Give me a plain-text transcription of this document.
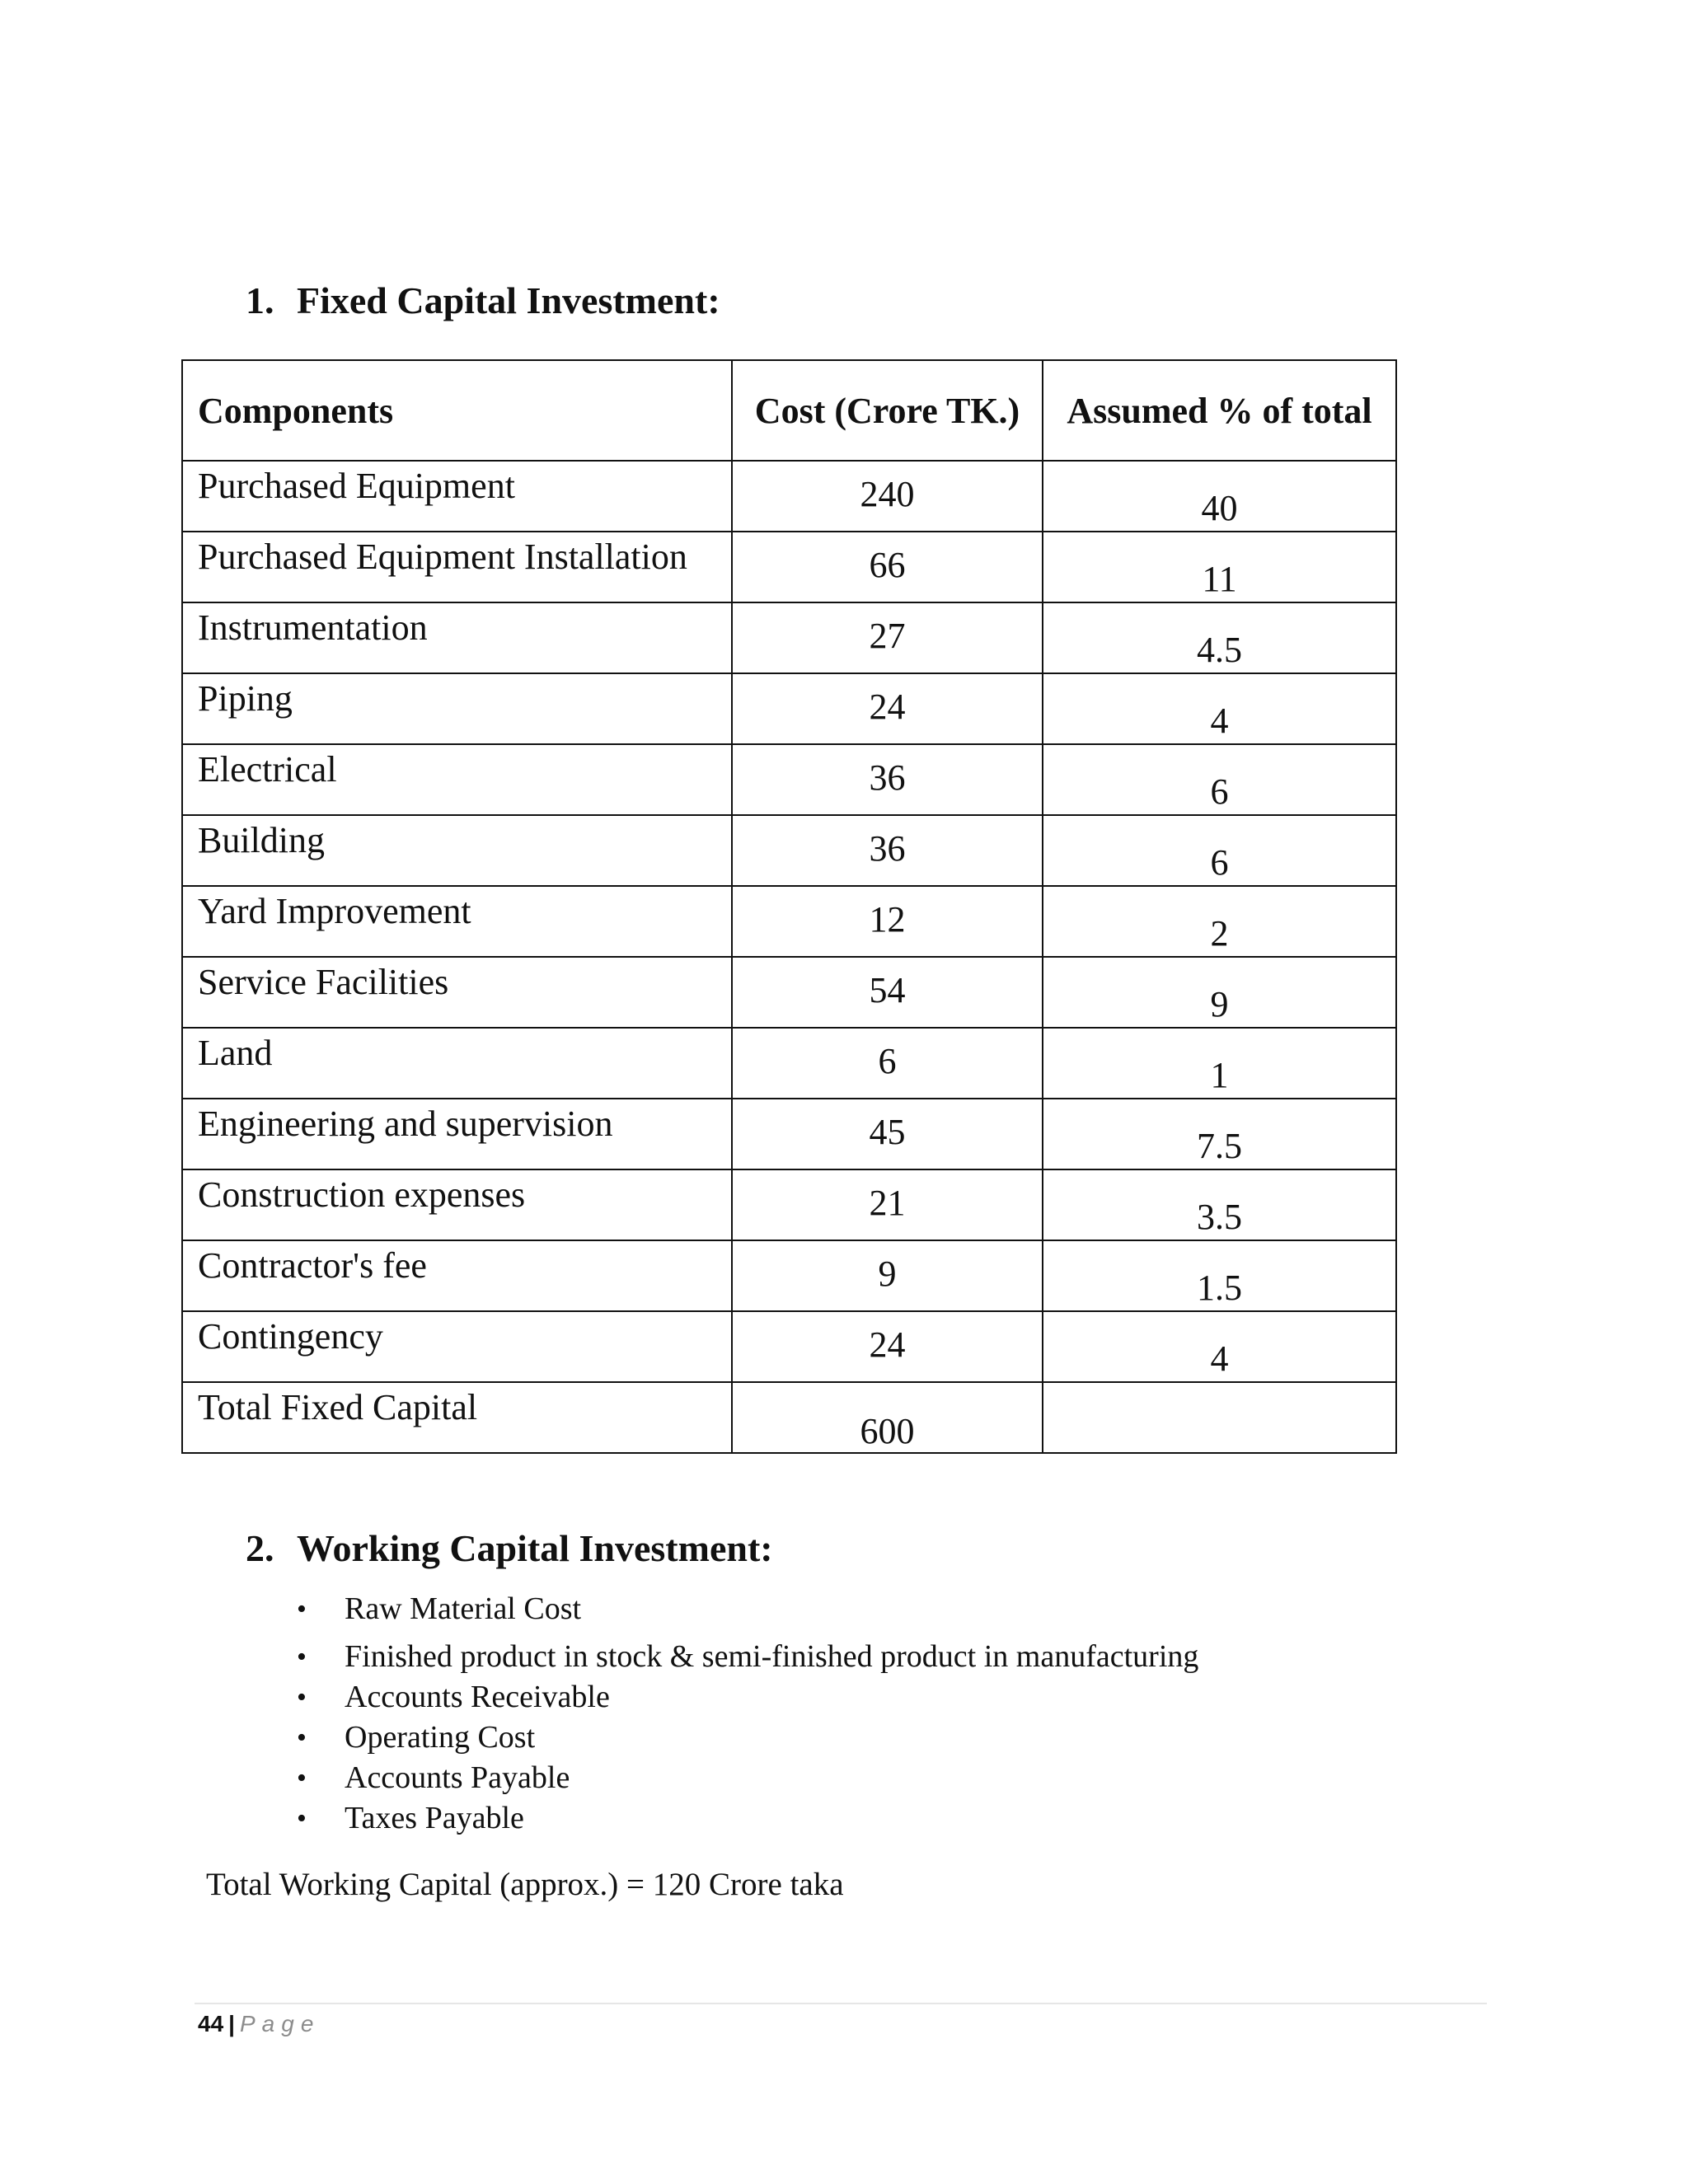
1. Fixed Capital Investment:
Components	Cost (Crore TK.)	Assumed % of total
Purchased Equipment	240	40
Purchased Equipment Installation	66	11
Instrumentation	27	4.5
Piping	24	4
Electrical	36	6
Building	36	6
Yard Improvement	12	2
Service Facilities	54	9
Land	6	1
Engineering and supervision	45	7.5
Construction expenses	21	3.5
Contractor's fee	9	1.5
Contingency	24	4
Total Fixed Capital	600	
2. Working Capital Investment:
• Raw Material Cost
• Finished product in stock & semi-finished product in manufacturing
• Accounts Receivable
• Operating Cost
• Accounts Payable
• Taxes Payable

Total Working Capital (approx.) = 120 Crore taka

44 | Page
